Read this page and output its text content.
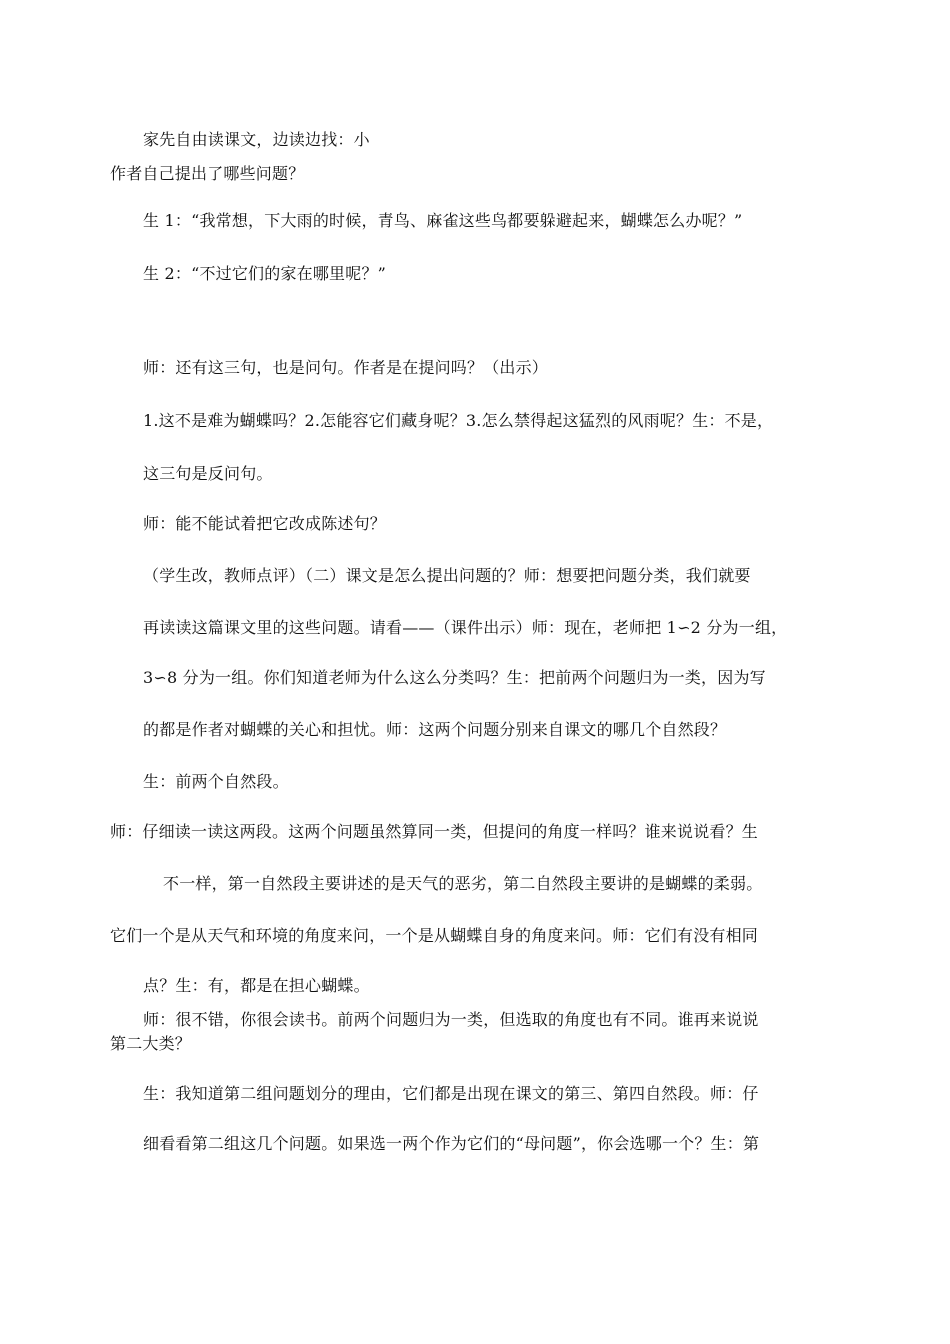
家先自由读课文，边读边找：小
作者自己提出了哪些问题？
生 1：“我常想，下大雨的时候，青鸟、麻雀这些鸟都要躲避起来，蝴蝶怎么办呢？”
生 2：“不过它们的家在哪里呢？”
师：还有这三句，也是问句。作者是在提问吗？（出示）
1.这不是难为蝴蝶吗？2.怎能容它们藏身呢？3.怎么禁得起这猛烈的风雨呢？生：不是，
这三句是反问句。
师：能不能试着把它改成陈述句？
（学生改，教师点评）（二）课文是怎么提出问题的？师：想要把问题分类，我们就要
再读读这篇课文里的这些问题。请看——（课件出示）师：现在，老师把 1∽2 分为一组，
3∽8 分为一组。你们知道老师为什么这么分类吗？生：把前两个问题归为一类，因为写
的都是作者对蝴蝶的关心和担忧。师：这两个问题分别来自课文的哪几个自然段？
生：前两个自然段。
师：仔细读一读这两段。这两个问题虽然算同一类，但提问的角度一样吗？谁来说说看？生
不一样，第一自然段主要讲述的是天气的恶劣，第二自然段主要讲的是蝴蝶的柔弱。
它们一个是从天气和环境的角度来问，一个是从蝴蝶自身的角度来问。师：它们有没有相同
点？生：有，都是在担心蝴蝶。
师：很不错，你很会读书。前两个问题归为一类，但选取的角度也有不同。谁再来说说
第二大类？
生：我知道第二组问题划分的理由，它们都是出现在课文的第三、第四自然段。师：仔
细看看第二组这几个问题。如果选一两个作为它们的“母问题”，你会选哪一个？生：第
